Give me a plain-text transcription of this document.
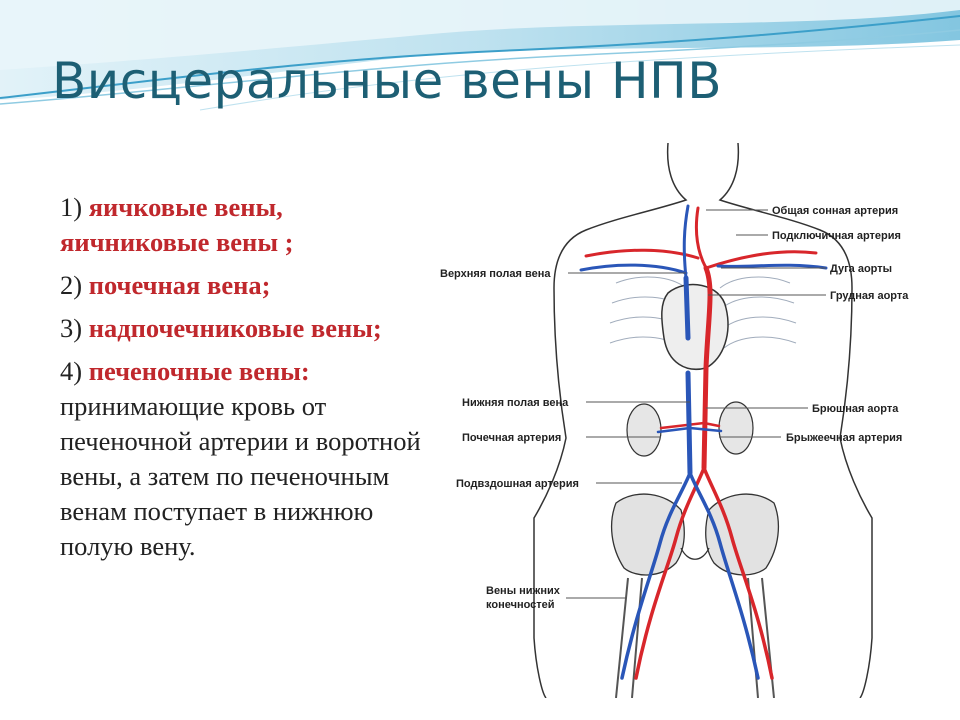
Висцеральные вены НПВ

1) яичковые вены, яичниковые вены ;

2) почечная вена;

3) надпочечниковые вены;

4) печеночные вены: принимающие кровь от печеночной артерии и воротной вены, а затем по печеночным венам поступает в нижнюю полую вену.

Общая сонная артерия
Подключичная артерия
Дуга аорты
Грудная аорта
Брюшная аорта
Брыжеечная артерия
Верхняя полая вена
Нижняя полая вена
Почечная артерия
Подвздошная артерия
Вены нижних
конечностей
